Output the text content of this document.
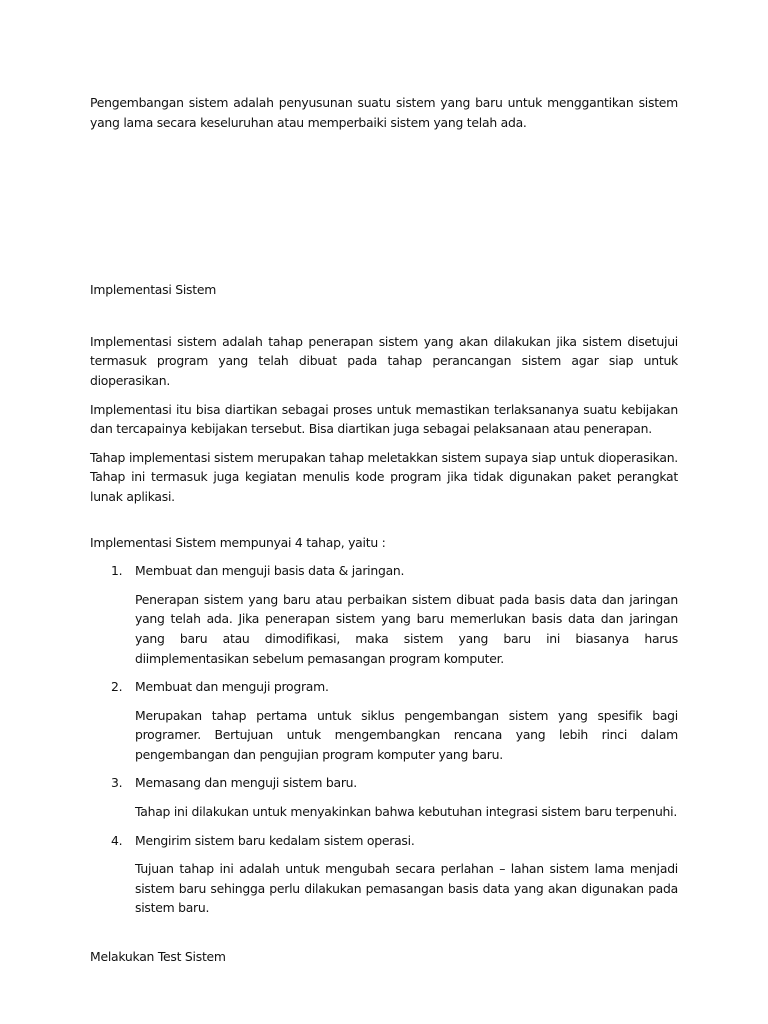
Pengembangan sistem adalah penyusunan suatu sistem yang baru untuk menggantikan sistem yang lama secara keseluruhan atau memperbaiki sistem yang telah ada.

Implementasi Sistem

Implementasi sistem adalah tahap penerapan sistem yang akan dilakukan jika sistem disetujui termasuk program yang telah dibuat pada tahap perancangan sistem agar siap untuk dioperasikan.

Implementasi itu bisa diartikan sebagai proses untuk memastikan terlaksananya suatu kebijakan dan tercapainya kebijakan tersebut. Bisa diartikan juga sebagai pelaksanaan atau penerapan.

Tahap implementasi sistem merupakan tahap meletakkan sistem supaya siap untuk dioperasikan. Tahap ini termasuk juga kegiatan menulis kode program jika tidak digunakan paket perangkat lunak aplikasi.

Implementasi Sistem mempunyai 4 tahap, yaitu :

1. Membuat dan menguji basis data & jaringan.

Penerapan sistem yang baru atau perbaikan sistem dibuat pada basis data dan jaringan yang telah ada. Jika penerapan sistem yang baru memerlukan basis data dan jaringan yang baru atau dimodifikasi, maka sistem yang baru ini biasanya harus diimplementasikan sebelum pemasangan program komputer.

2. Membuat dan menguji program.

Merupakan tahap pertama untuk siklus pengembangan sistem yang spesifik bagi programer. Bertujuan untuk mengembangkan rencana yang lebih rinci dalam pengembangan dan pengujian program komputer yang baru.

3. Memasang dan menguji sistem baru.

Tahap ini dilakukan untuk menyakinkan bahwa kebutuhan integrasi sistem baru terpenuhi.

4. Mengirim sistem baru kedalam sistem operasi.

Tujuan tahap ini adalah untuk mengubah secara perlahan – lahan sistem lama menjadi sistem baru sehingga perlu dilakukan pemasangan basis data yang akan digunakan pada sistem baru.

Melakukan Test Sistem
